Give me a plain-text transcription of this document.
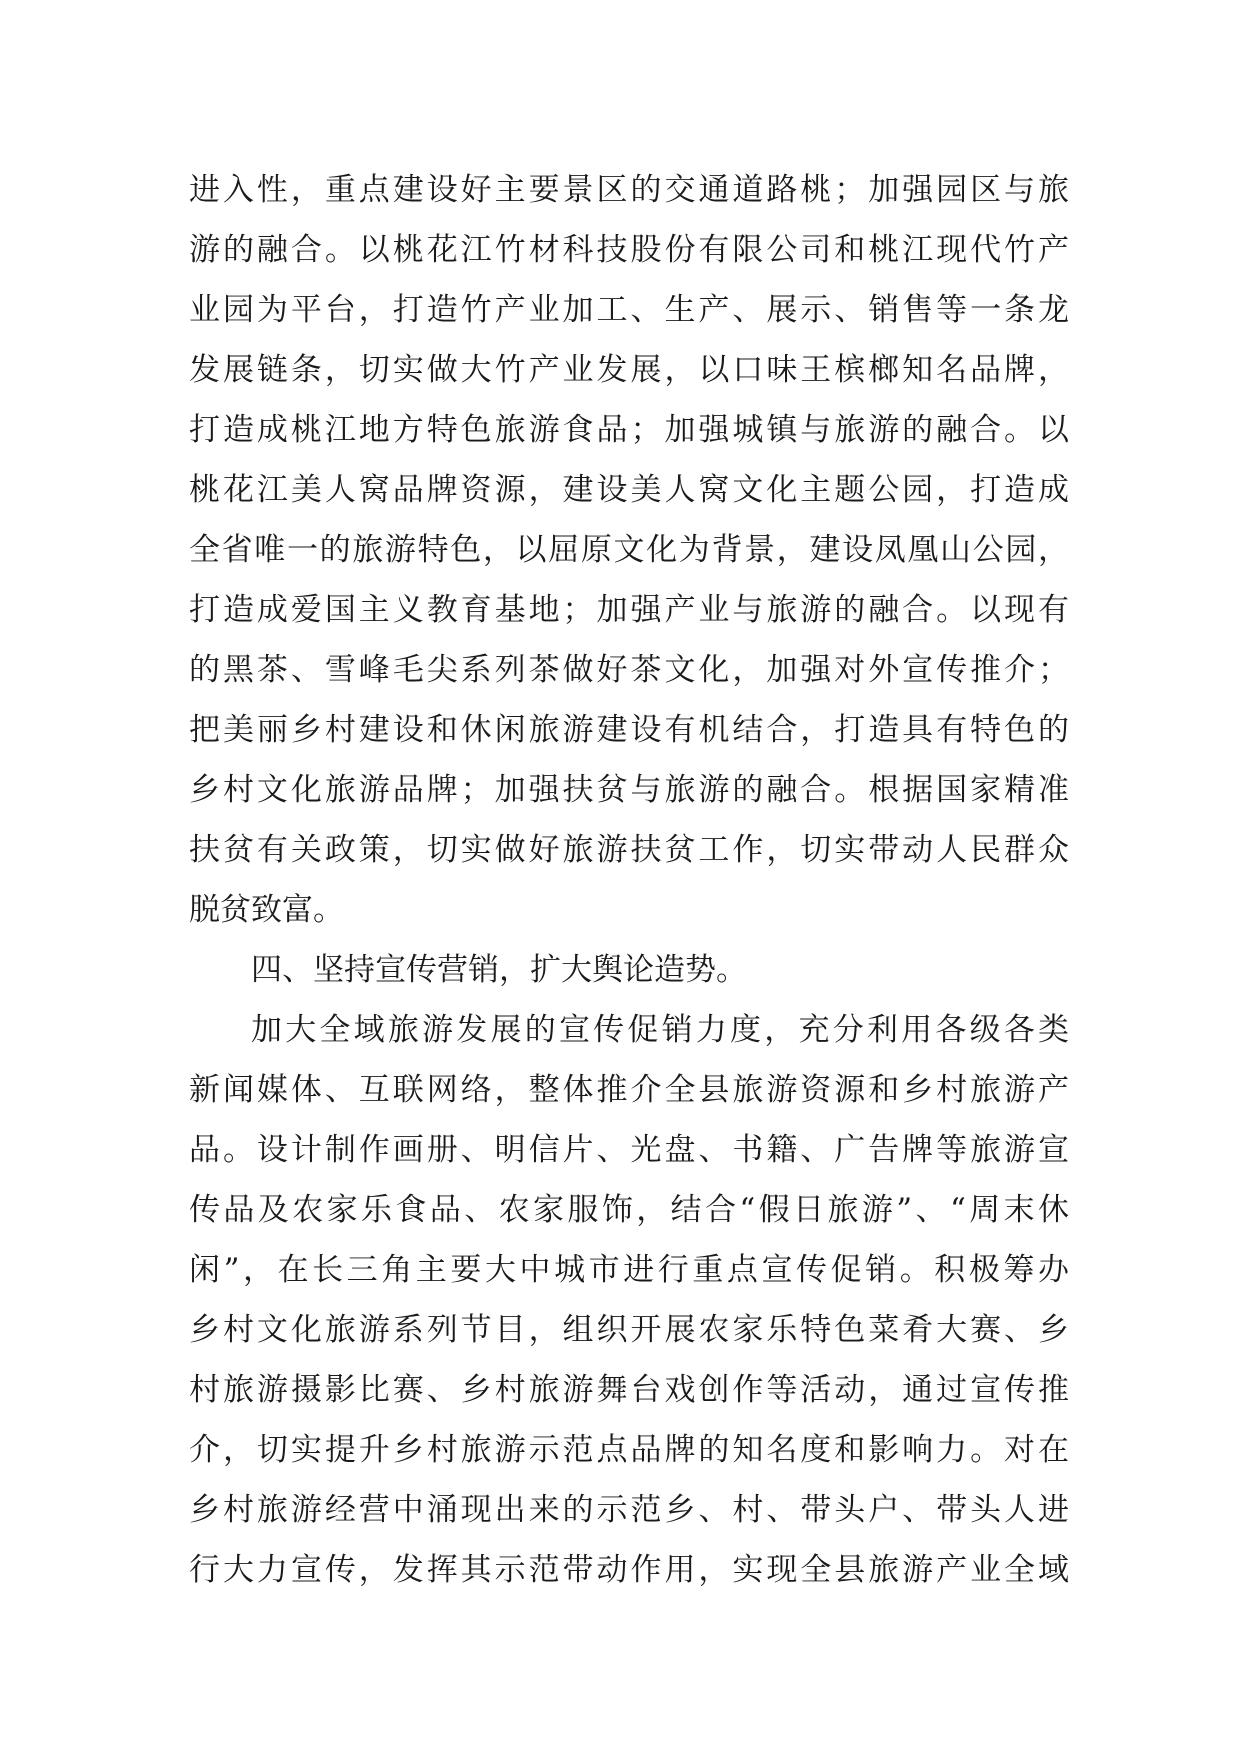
进入性，重点建设好主要景区的交通道路桃；加强园区与旅
游的融合。以桃花江竹材科技股份有限公司和桃江现代竹产
业园为平台，打造竹产业加工、生产、展示、销售等一条龙
发展链条，切实做大竹产业发展，以口味王槟榔知名品牌，
打造成桃江地方特色旅游食品；加强城镇与旅游的融合。以
桃花江美人窝品牌资源，建设美人窝文化主题公园，打造成
全省唯一的旅游特色，以屈原文化为背景，建设凤凰山公园，
打造成爱国主义教育基地；加强产业与旅游的融合。以现有
的黑茶、雪峰毛尖系列茶做好茶文化，加强对外宣传推介；
把美丽乡村建设和休闲旅游建设有机结合，打造具有特色的
乡村文化旅游品牌；加强扶贫与旅游的融合。根据国家精准
扶贫有关政策，切实做好旅游扶贫工作，切实带动人民群众
脱贫致富。
四、坚持宣传营销，扩大舆论造势。
加大全域旅游发展的宣传促销力度，充分利用各级各类
新闻媒体、互联网络，整体推介全县旅游资源和乡村旅游产
品。设计制作画册、明信片、光盘、书籍、广告牌等旅游宣
传品及农家乐食品、农家服饰，结合“假日旅游”、“周末休
闲”，在长三角主要大中城市进行重点宣传促销。积极筹办
乡村文化旅游系列节目，组织开展农家乐特色菜肴大赛、乡
村旅游摄影比赛、乡村旅游舞台戏创作等活动，通过宣传推
介，切实提升乡村旅游示范点品牌的知名度和影响力。对在
乡村旅游经营中涌现出来的示范乡、村、带头户、带头人进
行大力宣传，发挥其示范带动作用，实现全县旅游产业全域
